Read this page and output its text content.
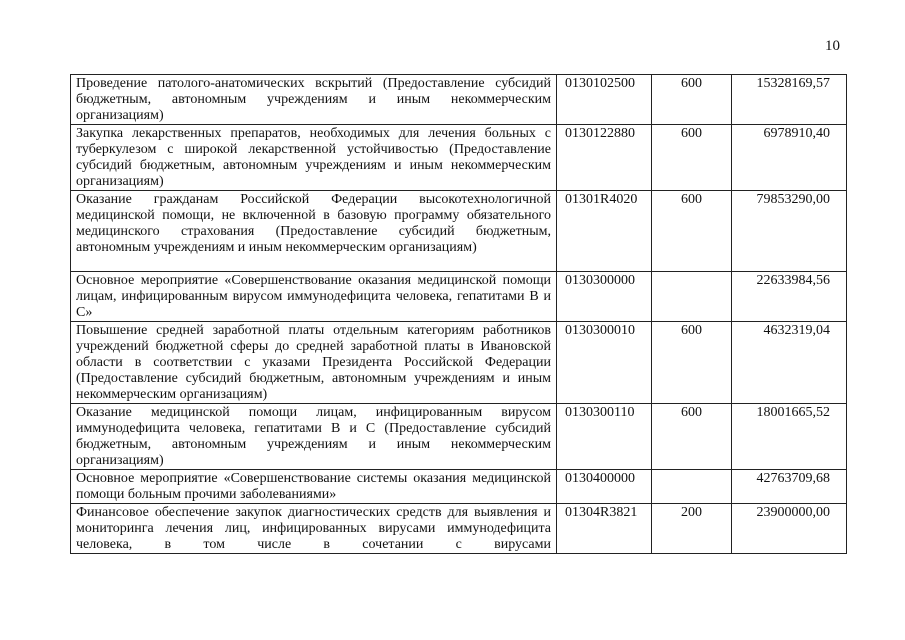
10
Проведение патолого-анатомических вскрытий (Предоставление субсидий бюджетным, автономным учреждениям и иным некоммерческим организациям)	0130102500	600	15328169,57
Закупка лекарственных препаратов, необходимых для лечения больных с туберкулезом с широкой лекарственной устойчивостью (Предоставление субсидий бюджетным, автономным учреждениям и иным некоммерческим организациям)	0130122880	600	6978910,40
Оказание гражданам Российской Федерации высокотехнологичной медицинской помощи, не включенной в базовую программу обязательного медицинского страхования (Предоставление субсидий бюджетным, автономным учреждениям и иным некоммерческим организациям)	01301R4020	600	79853290,00
Основное мероприятие «Совершенствование оказания медицинской помощи лицам, инфицированным вирусом иммунодефицита человека, гепатитами B и C»	0130300000		22633984,56
Повышение средней заработной платы отдельным категориям работников учреждений бюджетной сферы до средней заработной платы в Ивановской области в соответствии с указами Президента Российской Федерации (Предоставление субсидий бюджетным, автономным учреждениям и иным некоммерческим организациям)	0130300010	600	4632319,04
Оказание медицинской помощи лицам, инфицированным вирусом иммунодефицита человека, гепатитами B и C (Предоставление субсидий бюджетным, автономным учреждениям и иным некоммерческим организациям)	0130300110	600	18001665,52
Основное мероприятие «Совершенствование системы оказания медицинской помощи больным прочими заболеваниями»	0130400000		42763709,68
Финансовое обеспечение закупок диагностических средств для выявления и мониторинга лечения лиц, инфицированных вирусами иммунодефицита человека, в том числе в сочетании с вирусами	01304R3821	200	23900000,00
